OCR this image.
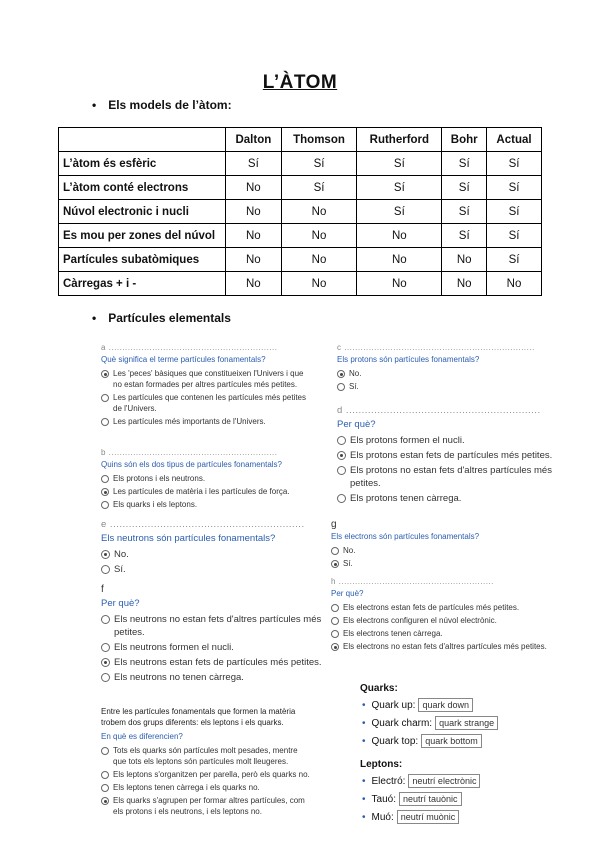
L’ÀTOM
• Els models de l’àtom:
	Dalton	Thomson	Rutherford	Bohr	Actual
L’àtom és esfèric	Sí	Sí	Sí	Sí	Sí
L’àtom conté electrons	No	Sí	Sí	Sí	Sí
Núvol electronic i nucli	No	No	Sí	Sí	Sí
Es mou per zones del núvol	No	No	No	Sí	Sí
Partícules subatòmiques	No	No	No	No	Sí
Càrregas + i -	No	No	No	No	No
• Partícules elementals
a ..............................................................
Què significa el terme partícules fonamentals?
Les 'peces' bàsiques que constitueixen l'Univers i que no estan formades per altres partícules més petites.
Les partícules que contenen les partícules més petites de l'Univers.
Les partícules més importants de l'Univers.
b ..............................................................
Quins són els dos tipus de partícules fonamentals?
Els protons i els neutrons.
Les partícules de matèria i les partícules de força.
Els quarks i els leptons.
e ..............................................................
Els neutrons són partícules fonamentals?
No.
Sí.
f
Per què?
Els neutrons no estan fets d'altres partícules més petites.
Els neutrons formen el nucli.
Els neutrons estan fets de partícules més petites.
Els neutrons no tenen càrrega.
c ......................................................................
Els protons són partícules fonamentals?
No.
Sí.
d ..............................................................
Per què?
Els protons formen el nucli.
Els protons estan fets de partícules més petites.
Els protons no estan fets d'altres partícules més petites.
Els protons tenen càrrega.
g
Els electrons són partícules fonamentals?
No.
Sí.
h .........................................................
Per què?
Els electrons estan fets de partícules més petites.
Els electrons configuren el núvol electrònic.
Els electrons tenen càrrega.
Els electrons no estan fets d'altres partícules més petites.
Entre les partícules fonamentals que formen la matèria trobem dos grups diferents: els leptons i els quarks.
En què es diferencien?
Tots els quarks són partícules molt pesades, mentre que tots els leptons són partícules molt lleugeres.
Els leptons s'organitzen per parella, però els quarks no.
Els leptons tenen càrrega i els quarks no.
Els quarks s'agrupen per formar altres partícules, com els protons i els neutrons, i els leptons no.
Quarks:
• Quark up: quark down
• Quark charm: quark strange
• Quark top: quark bottom
Leptons:
• Electró: neutrí electrònic
• Tauó: neutrí tauònic
• Muó: neutrí muònic
